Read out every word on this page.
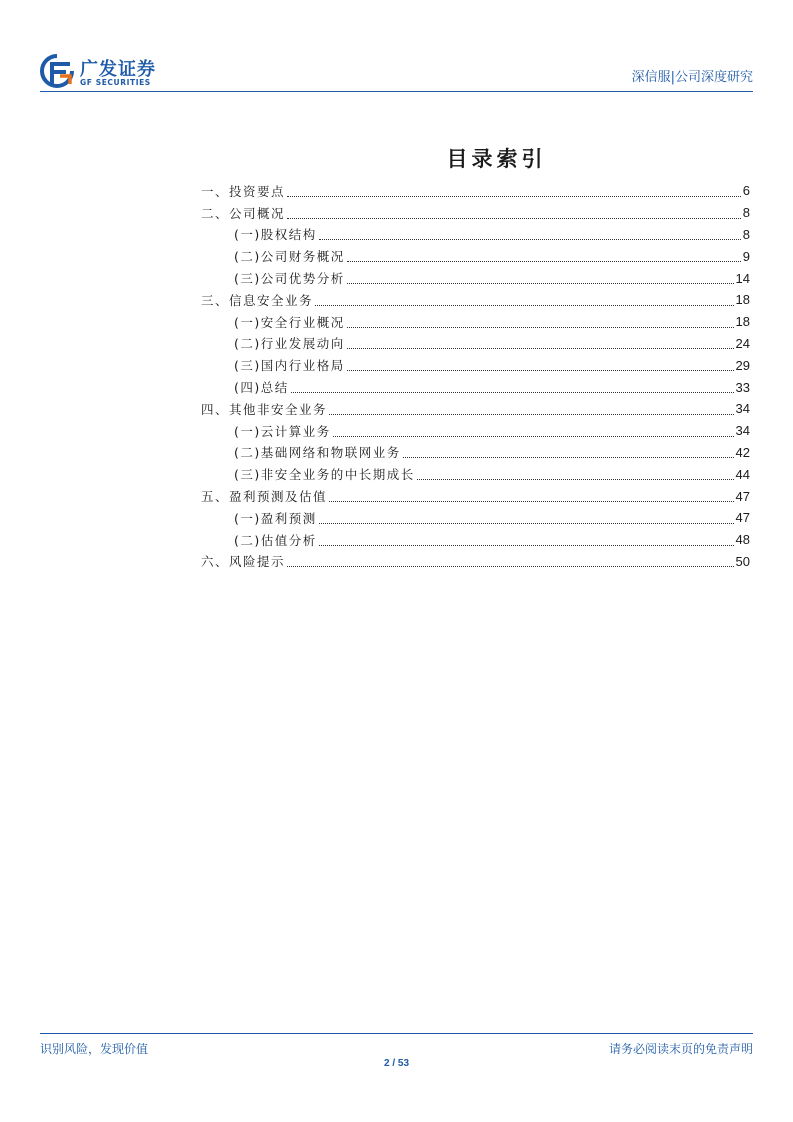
广发证券
GF SECURITIES	深信服|公司深度研究
目录索引
一、投资要点	6
二、公司概况	8
(一)股权结构	8
(二)公司财务概况	9
(三)公司优势分析	14
三、信息安全业务	18
(一)安全行业概况	18
(二)行业发展动向	24
(三)国内行业格局	29
(四)总结	33
四、其他非安全业务	34
(一)云计算业务	34
(二)基础网络和物联网业务	42
(三)非安全业务的中长期成长	44
五、盈利预测及估值	47
(一)盈利预测	47
(二)估值分析	48
六、风险提示	50
识别风险，发现价值	请务必阅读末页的免责声明
2 / 53
